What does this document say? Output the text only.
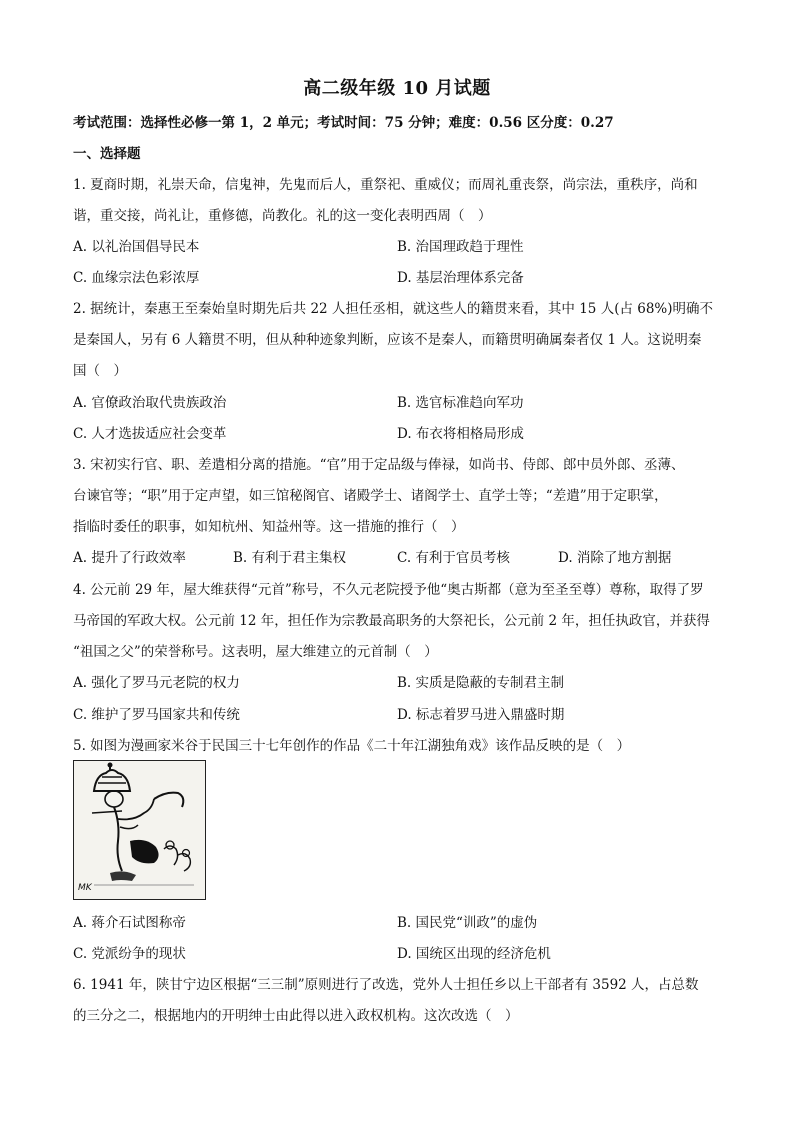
高二级年级 10 月试题
考试范围：选择性必修一第 1，2 单元；考试时间：75 分钟；难度：0.56 区分度：0.27
一、选择题
1. 夏商时期，礼崇天命，信鬼神，先鬼而后人，重祭祀、重威仪；而周礼重丧祭，尚宗法，重秩序，尚和
谐，重交接，尚礼让，重修德，尚教化。礼的这一变化表明西周（　）
A. 以礼治国倡导民本	B. 治国理政趋于理性
C. 血缘宗法色彩浓厚	D. 基层治理体系完备
2. 据统计，秦惠王至秦始皇时期先后共 22 人担任丞相，就这些人的籍贯来看，其中 15 人(占 68%)明确不
是秦国人，另有 6 人籍贯不明，但从种种迹象判断，应该不是秦人，而籍贯明确属秦者仅 1 人。这说明秦
国（　）
A. 官僚政治取代贵族政治	B. 选官标准趋向军功
C. 人才选拔适应社会变革	D. 布衣将相格局形成
3. 宋初实行官、职、差遣相分离的措施。“官”用于定品级与俸禄，如尚书、侍郎、郎中员外郎、丞薄、
台谏官等；“职”用于定声望，如三馆秘阁官、诸殿学士、诸阁学士、直学士等；“差遣”用于定职掌，
指临时委任的职事，如知杭州、知益州等。这一措施的推行（　）
A. 提升了行政效率	B. 有利于君主集权	C. 有利于官员考核	D. 消除了地方割据
4. 公元前 29 年，屋大维获得“元首”称号，不久元老院授予他“奥古斯都（意为至圣至尊）尊称，取得了罗
马帝国的军政大权。公元前 12 年，担任作为宗教最高职务的大祭祀长，公元前 2 年，担任执政官，并获得
“祖国之父”的荣誉称号。这表明，屋大维建立的元首制（　）
A. 强化了罗马元老院的权力	B. 实质是隐蔽的专制君主制
C. 维护了罗马国家共和传统	D. 标志着罗马进入鼎盛时期
5. 如图为漫画家米谷于民国三十七年创作的作品《二十年江湖独角戏》该作品反映的是（　）
MK
A. 蒋介石试图称帝	B. 国民党“训政”的虚伪
C. 党派纷争的现状	D. 国统区出现的经济危机
6. 1941 年，陕甘宁边区根据“三三制”原则进行了改选，党外人士担任乡以上干部者有 3592 人，占总数
的三分之二，根据地内的开明绅士由此得以进入政权机构。这次改选（　）
